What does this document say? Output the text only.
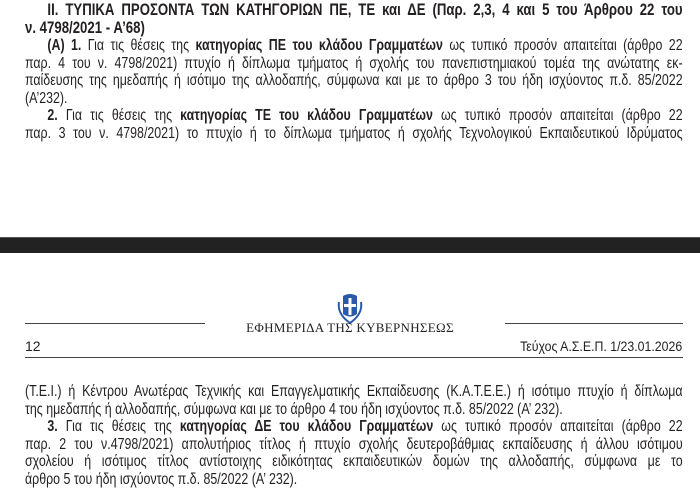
II. ΤΥΠΙΚΑ ΠΡΟΣΟΝΤΑ ΤΩΝ ΚΑΤΗΓΟΡΙΩΝ ΠΕ, ΤΕ και ΔΕ (Παρ. 2,3, 4 και 5 του Άρθρου 22 του
ν. 4798/2021 - Α’68)
(Α) 1. Για τις θέσεις της κατηγορίας ΠΕ του κλάδου Γραμματέων ως τυπικό προσόν απαιτείται (άρθρο 22
παρ. 4 του ν. 4798/2021) πτυχίο ή δίπλωμα τμήματος ή σχολής του πανεπιστημιακού τομέα της ανώτατης εκ-
παίδευσης της ημεδαπής ή ισότιμο της αλλοδαπής, σύμφωνα και με το άρθρο 3 του ήδη ισχύοντος π.δ. 85/2022
(Α’232).
2. Για τις θέσεις της κατηγορίας ΤΕ του κλάδου Γραμματέων ως τυπικό προσόν απαιτείται (άρθρο 22
παρ. 3 του ν. 4798/2021) το πτυχίο ή το δίπλωμα τμήματος ή σχολής Τεχνολογικού Εκπαιδευτικού Ιδρύματος
ΕΦΗΜΕΡΙΔΑ ΤΗΣ ΚΥΒΕΡΝΗΣΕΩΣ
12	Τεύχος Α.Σ.Ε.Π. 1/23.01.2026
(Τ.Ε.Ι.) ή Κέντρου Ανωτέρας Τεχνικής και Επαγγελματικής Εκπαίδευσης (Κ.Α.Τ.Ε.Ε.) ή ισότιμο πτυχίο ή δίπλωμα
της ημεδαπής ή αλλοδαπής, σύμφωνα και με το άρθρο 4 του ήδη ισχύοντος π.δ. 85/2022 (Α’ 232).
3. Για τις θέσεις της κατηγορίας ΔΕ του κλάδου Γραμματέων ως τυπικό προσόν απαιτείται (άρθρο 22
παρ. 2 του ν.4798/2021) απολυτήριος τίτλος ή πτυχίο σχολής δευτεροβάθμιας εκπαίδευσης ή άλλου ισότιμου
σχολείου ή ισότιμος τίτλος αντίστοιχης ειδικότητας εκπαιδευτικών δομών της αλλοδαπής, σύμφωνα με το
άρθρο 5 του ήδη ισχύοντος π.δ. 85/2022 (Α’ 232).
